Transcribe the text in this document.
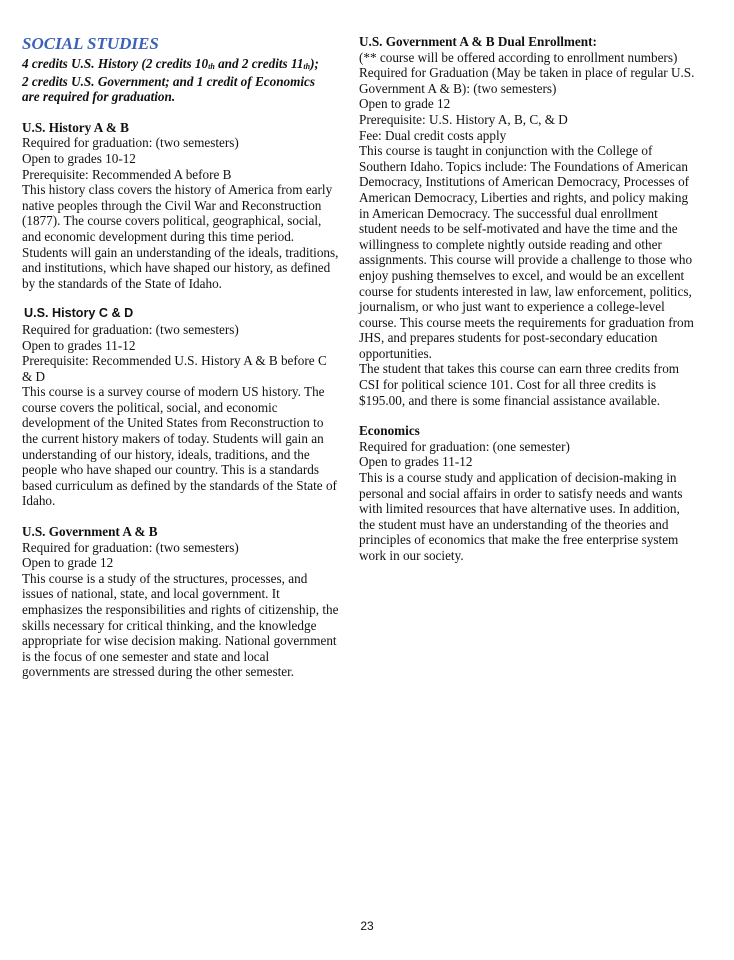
SOCIAL STUDIES
4 credits U.S. History (2 credits $10_{th}$ and 2 credits $11_{th}$);
2 credits U.S. Government; and 1 credit of Economics
are required for graduation.

U.S. History A & B

Required for graduation: (two semesters)

Open to grades 10-12

Prerequisite: Recommended A before B

This history class covers the history of America from early native peoples through the Civil War and Reconstruction (1877). The course covers political, geographical, social, and economic development during this time period. Students will gain an understanding of the ideals, traditions, and institutions, which have shaped our history, as defined by the standards of the State of Idaho.

U.S. History C & D

Required for graduation: (two semesters)

Open to grades 11-12

Prerequisite: Recommended U.S. History A & B before C & D

This course is a survey course of modern US history. The course covers the political, social, and economic development of the United States from Reconstruction to the current history makers of today. Students will gain an understanding of our history, ideals, traditions, and the people who have shaped our country. This is a standards based curriculum as defined by the standards of the State of Idaho.

U.S. Government A & B

Required for graduation: (two semesters)

Open to grade 12

This course is a study of the structures, processes, and issues of national, state, and local government. It emphasizes the responsibilities and rights of citizenship, the skills necessary for critical thinking, and the knowledge appropriate for wise decision making. National government is the focus of one semester and state and local governments are stressed during the other semester.

U.S. Government A & B Dual Enrollment:

(** course will be offered according to enrollment numbers)

Required for Graduation (May be taken in place of regular U.S. Government A & B): (two semesters)

Open to grade 12

Prerequisite: U.S. History A, B, C, & D

Fee: Dual credit costs apply

This course is taught in conjunction with the College of Southern Idaho. Topics include: The Foundations of American Democracy, Institutions of American Democracy, Processes of American Democracy, Liberties and rights, and policy making in American Democracy. The successful dual enrollment student needs to be self-motivated and have the time and the willingness to complete nightly outside reading and other assignments. This course will provide a challenge to those who enjoy pushing themselves to excel, and would be an excellent course for students interested in law, law enforcement, politics, journalism, or who just want to experience a college-level course. This course meets the requirements for graduation from JHS, and prepares students for post-secondary education opportunities.

The student that takes this course can earn three credits from CSI for political science 101. Cost for all three credits is $195.00, and there is some financial assistance available.

Economics

Required for graduation: (one semester)

Open to grades 11-12

This is a course study and application of decision-making in personal and social affairs in order to satisfy needs and wants with limited resources that have alternative uses. In addition, the student must have an understanding of the theories and principles of economics that make the free enterprise system work in our society.

23
